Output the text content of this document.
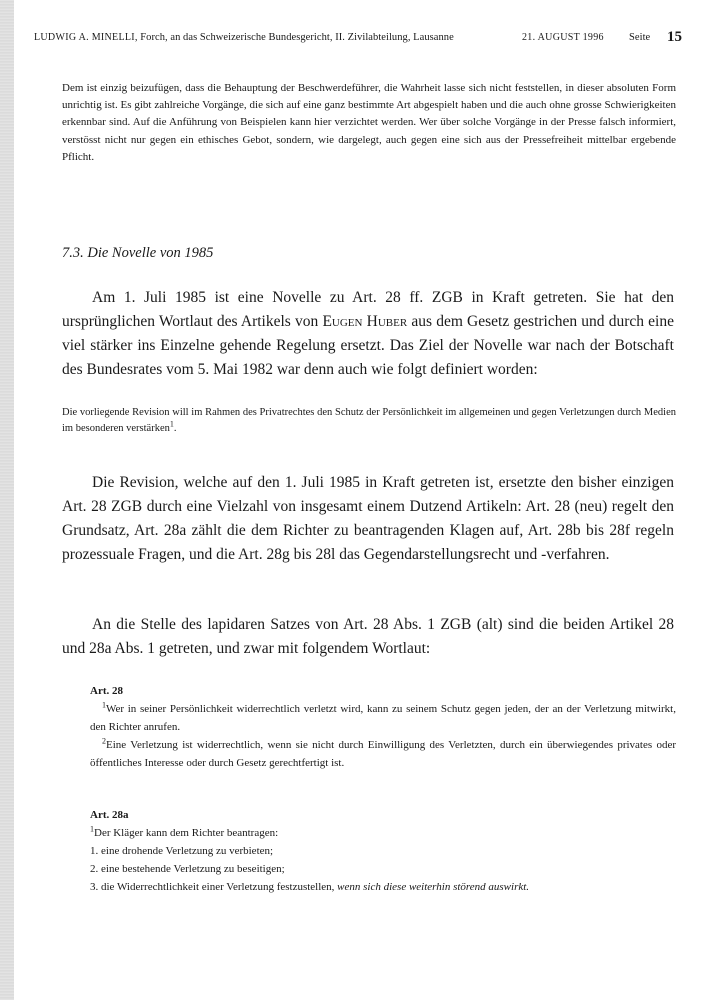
LUDWIG A. MINELLI, Forch, an das Schweizerische Bundesgericht, II. Zivilabteilung, Lausanne	21. AUGUST 1996 Seite 15

Dem ist einzig beizufügen, dass die Behauptung der Beschwerdeführer, die Wahrheit lasse sich nicht feststellen, in dieser absoluten Form unrichtig ist. Es gibt zahlreiche Vorgänge, die sich auf eine ganz bestimmte Art abgespielt haben und die auch ohne grosse Schwierigkeiten erkennbar sind. Auf die Anführung von Beispielen kann hier verzichtet werden. Wer über solche Vorgänge in der Presse falsch informiert, verstösst nicht nur gegen ein ethisches Gebot, sondern, wie dargelegt, auch gegen eine sich aus der Pressefreiheit mittelbar ergebende Pflicht.

7.3. Die Novelle von 1985

Am 1. Juli 1985 ist eine Novelle zu Art. 28 ff. ZGB in Kraft getreten. Sie hat den ursprünglichen Wortlaut des Artikels von Eugen Huber aus dem Gesetz gestrichen und durch eine viel stärker ins Einzelne gehende Regelung ersetzt. Das Ziel der Novelle war nach der Botschaft des Bundesrates vom 5. Mai 1982 war denn auch wie folgt definiert worden:

Die vorliegende Revision will im Rahmen des Privatrechtes den Schutz der Persönlichkeit im allgemeinen und gegen Verletzungen durch Medien im besonderen verstärken$^1$.

Die Revision, welche auf den 1. Juli 1985 in Kraft getreten ist, ersetzte den bisher einzigen Art. 28 ZGB durch eine Vielzahl von insgesamt einem Dutzend Artikeln: Art. 28 (neu) regelt den Grundsatz, Art. 28a zählt die dem Richter zu beantragenden Klagen auf, Art. 28b bis 28f regeln prozessuale Fragen, und die Art. 28g bis 28l das Gegendarstellungsrecht und -verfahren.

An die Stelle des lapidaren Satzes von Art. 28 Abs. 1 ZGB (alt) sind die beiden Artikel 28 und 28a Abs. 1 getreten, und zwar mit folgendem Wortlaut:

Art. 28

$^1$Wer in seiner Persönlichkeit widerrechtlich verletzt wird, kann zu seinem Schutz gegen jeden, der an der Verletzung mitwirkt, den Richter anrufen.

$^2$Eine Verletzung ist widerrechtlich, wenn sie nicht durch Einwilligung des Verletzten, durch ein überwiegendes privates oder öffentliches Interesse oder durch Gesetz gerechtfertigt ist.

Art. 28a

$^1$Der Kläger kann dem Richter beantragen:

1. eine drohende Verletzung zu verbieten;

2. eine bestehende Verletzung zu beseitigen;

3. die Widerrechtlichkeit einer Verletzung festzustellen, wenn sich diese weiterhin störend auswirkt.
